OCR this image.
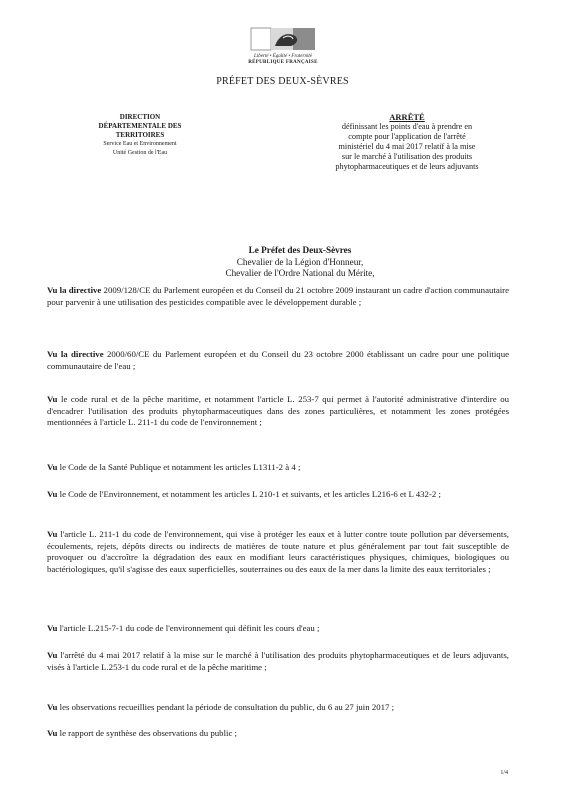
Liberté • Égalité • Fraternité
RÉPUBLIQUE FRANÇAISE
PRÉFET DES DEUX-SÈVRES
DIRECTION
DÉPARTEMENTALE DES
TERRITOIRES
Service Eau et Environnement
Unité Gestion de l'Eau
ARRÊTÉ
définissant les points d'eau à prendre en
compte pour l'application de l'arrêté
ministériel du 4 mai 2017 relatif à la mise
sur le marché à l'utilisation des produits
phytopharmaceutiques et de leurs adjuvants
Le Préfet des Deux-Sèvres
Chevalier de la Légion d'Honneur,
Chevalier de l'Ordre National du Mérite,

Vu la directive 2009/128/CE du Parlement européen et du Conseil du 21 octobre 2009 instaurant un cadre d'action communautaire pour parvenir à une utilisation des pesticides compatible avec le développement durable ;

Vu la directive 2000/60/CE du Parlement européen et du Conseil du 23 octobre 2000 établissant un cadre pour une politique communautaire de l'eau ;

Vu le code rural et de la pêche maritime, et notamment l'article L. 253-7 qui permet à l'autorité administrative d'interdire ou d'encadrer l'utilisation des produits phytopharmaceutiques dans des zones particulières, et notamment les zones protégées mentionnées à l'article L. 211-1 du code de l'environnement ;

Vu le Code de la Santé Publique et notamment les articles L1311-2 à 4 ;

Vu le Code de l'Environnement, et notamment les articles L 210-1 et suivants, et les articles L216-6 et L 432-2 ;

Vu l'article L. 211-1 du code de l'environnement, qui vise à protéger les eaux et à lutter contre toute pollution par déversements, écoulements, rejets, dépôts directs ou indirects de matières de toute nature et plus généralement par tout fait susceptible de provoquer ou d'accroître la dégradation des eaux en modifiant leurs caractéristiques physiques, chimiques, biologiques ou bactériologiques, qu'il s'agisse des eaux superficielles, souterraines ou des eaux de la mer dans la limite des eaux territoriales ;

Vu l'article L.215-7-1 du code de l'environnement qui définit les cours d'eau ;

Vu l'arrêté du 4 mai 2017 relatif à la mise sur le marché à l'utilisation des produits phytopharmaceutiques et de leurs adjuvants, visés à l'article L.253-1 du code rural et de la pêche maritime ;

Vu les observations recueillies pendant la période de consultation du public, du 6 au 27 juin 2017 ;

Vu le rapport de synthèse des observations du public ;

1/4
